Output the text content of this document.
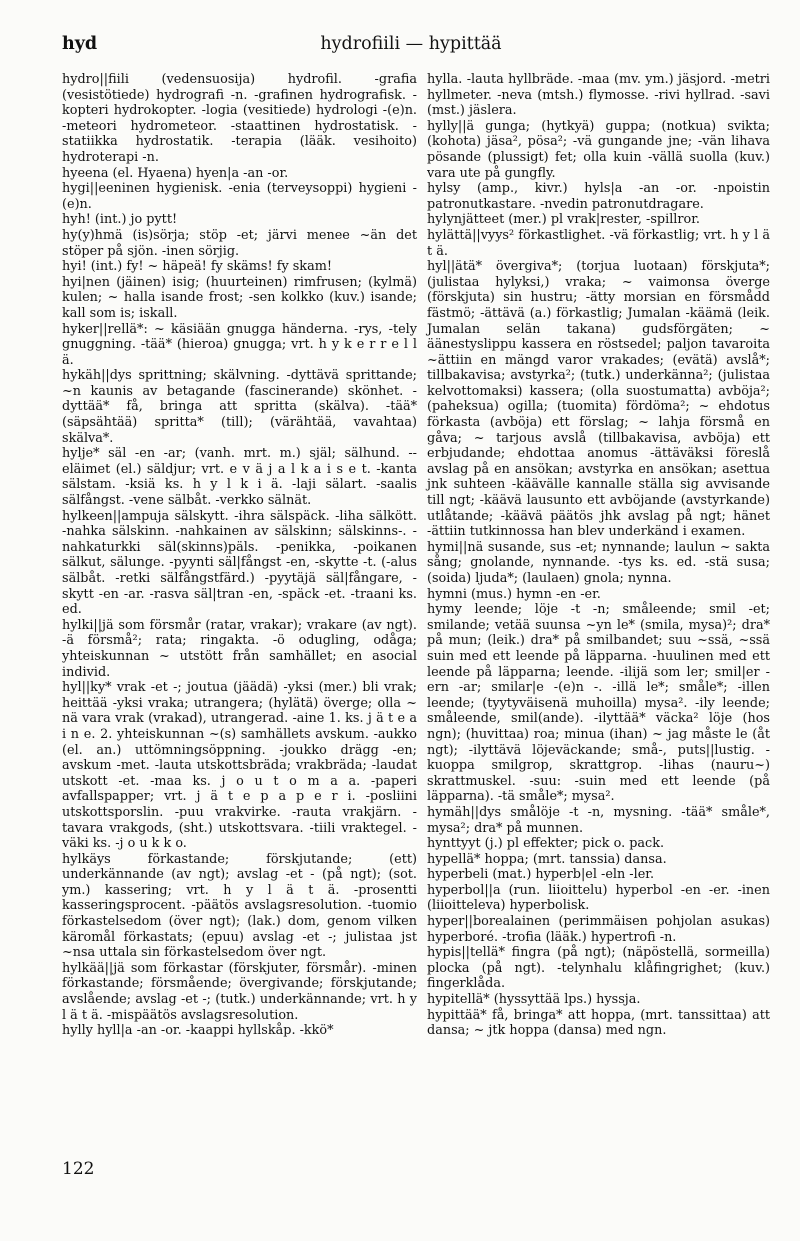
hyd	hydrofiili — hypittää

hydro||fiili (vedensuosija) hydrofil. -grafia (vesistötiede) hydrografi -n. -grafinen hydrografisk. -kopteri hydrokopter. -logia (vesitiede) hydrologi -(e)n. -meteori hydrometeor. -staattinen hydrostatisk. -statiikka hydrostatik. -terapia (lääk. vesihoito) hydroterapi -n.

hyeena (el. Hyaena) hyen|a -an -or.

hygi||eeninen hygienisk. -enia (terveysoppi) hygieni -(e)n.

hyh! (int.) jo pytt!

hy(y)hmä (is)sörja; stöp -et; järvi menee ~än det stöper på sjön. -inen sörjig.

hyi! (int.) fy! ~ häpeä! fy skäms! fy skam!

hyi|nen (jäinen) isig; (huurteinen) rimfrusen; (kylmä) kulen; ~ halla isande frost; -sen kolkko (kuv.) isande; kall som is; iskall.

hyker||rellä*: ~ käsiään gnugga händerna. -rys, -tely gnuggning. -tää* (hieroa) gnugga; vrt. h y k e r r e l l ä.

hykäh||dys sprittning; skälvning. -dyttävä sprittande; ~n kaunis av betagande (fascinerande) skönhet. -dyttää* få, bringa att spritta (skälva). -tää* (säpsähtää) spritta* (till); (värähtää, vavahtaa) skälva*.

hylje* säl -en -ar; (vanh. mrt. m.) själ; sälhund. --eläimet (el.) säldjur; vrt. e v ä j a l k a i s e t. -kanta sälstam. -ksiä ks. h y l k i ä. -laji sälart. -saalis sälfångst. -vene sälbåt. -verkko sälnät.

hylkeen||ampuja sälskytt. -ihra sälspäck. -liha sälkött. -nahka sälskinn. -nahkainen av sälskinn; sälskinns-. -nahkaturkki säl(skinns)päls. -penikka, -poikanen sälkut, sälunge. -pyynti säl|fångst -en, -skytte -t. (-alus sälbåt. -retki sälfångstfärd.) -pyytäjä säl|fångare, -skytt -en -ar. -rasva säl|tran -en, -späck -et. -traani ks. ed.

hylki||jä som försmår (ratar, vrakar); vrakare (av ngt). -ä försmå²; rata; ringakta. -ö odugling, odåga; yhteiskunnan ~ utstött från samhället; en asocial individ.

hyl||ky* vrak -et -; joutua (jäädä) -yksi (mer.) bli vrak; heittää -yksi vraka; utrangera; (hylätä) överge; olla ~ nä vara vrak (vrakad), utrangerad. -aine 1. ks. j ä t e a i n e. 2. yhteiskunnan ~(s) samhällets avskum. -aukko (el. an.) uttömningsöppning. -joukko drägg -en; avskum -met. -lauta utskottsbräda; vrakbräda; -laudat utskott -et. -maa ks. j o u t o m a a. -paperi avfallspapper; vrt. j ä t e p a p e r i. -posliini utskottsporslin. -puu vrakvirke. -rauta vrakjärn. -tavara vrakgods, (sht.) utskottsvara. -tiili vraktegel. -väki ks. -j o u k k o.

hylkäys förkastande; förskjutande; (ett) underkännande (av ngt); avslag -et - (på ngt); (sot. ym.) kassering; vrt. h y l ä t ä. -prosentti kasseringsprocent. -päätös avslagsresolution. -tuomio förkastelsedom (över ngt); (lak.) dom, genom vilken käromål förkastats; (epuu) avslag -et -; julistaa jst ~nsa uttala sin förkastelsedom över ngt.

hylkää||jä som förkastar (förskjuter, försmår). -minen förkastande; försmående; övergivande; förskjutande; avslående; avslag -et -; (tutk.) underkännande; vrt. h y l ä t ä. -mispäätös avslagsresolution.

hylly hyll|a -an -or. -kaappi hyllskåp. -kkö*

hylla. -lauta hyllbräde. -maa (mv. ym.) jäsjord. -metri hyllmeter. -neva (mtsh.) flymosse. -rivi hyllrad. -savi (mst.) jäslera.

hylly||ä gunga; (hytkyä) guppa; (notkua) svikta; (kohota) jäsa², pösa²; -vä gungande jne; -vän lihava pösande (plussigt) fet; olla kuin -vällä suolla (kuv.) vara ute på gungfly.

hylsy (amp., kivr.) hyls|a -an -or. -npoistin patronutkastare. -nvedin patronutdragare.

hylynjätteet (mer.) pl vrak|rester, -spillror.

hylättä||vyys² förkastlighet. -vä förkastlig; vrt. h y l ä t ä.

hyl||ätä* övergiva*; (torjua luotaan) förskjuta*; (julistaa hylyksi,) vraka; ~ vaimonsa överge (förskjuta) sin hustru; -ätty morsian en försmådd fästmö; -ättävä (a.) förkastlig; Jumalan -käämä (leik. Jumalan selän takana) gudsförgäten; ~ äänestyslippu kassera en röstsedel; paljon tavaroita ~ättiin en mängd varor vrakades; (evätä) avslå*; tillbakavisa; avstyrka²; (tutk.) underkänna²; (julistaa kelvottomaksi) kassera; (olla suostumatta) avböja²; (paheksua) ogilla; (tuomita) fördöma²; ~ ehdotus förkasta (avböja) ett förslag; ~ lahja försmå en gåva; ~ tarjous avslå (tillbakavisa, avböja) ett erbjudande; ehdottaa anomus -ättäväksi föreslå avslag på en ansökan; avstyrka en ansökan; asettua jnk suhteen -käävälle kannalle ställa sig avvisande till ngt; -käävä lausunto ett avböjande (avstyrkande) utlåtande; -käävä päätös jhk avslag på ngt; hänet -ättiin tutkinnossa han blev underkänd i examen.

hymi||nä susande, sus -et; nynnande; laulun ~ sakta sång; gnolande, nynnande. -tys ks. ed. -stä susa; (soida) ljuda*; (laulaen) gnola; nynna.

hymni (mus.) hymn -en -er.

hymy leende; löje -t -n; småleende; smil -et; smilande; vetää suunsa ~yn le* (smila, mysa)²; dra* på mun; (leik.) dra* på smilbandet; suu ~ssä, ~ssä suin med ett leende på läpparna. -huulinen med ett leende på läpparna; leende. -ilijä som ler; smil|er -ern -ar; smilar|e -(e)n -. -illä le*; småle*; -illen leende; (tyytyväisenä muhoilla) mysa². -ily leende; småleende, smil(ande). -ilyttää* väcka² löje (hos ngn); (huvittaa) roa; minua (ihan) ~ jag måste le (åt ngt); -ilyttävä löjeväckande; små-, puts||lustig. -kuoppa smilgrop, skrattgrop. -lihas (nauru~) skrattmuskel. -suu: -suin med ett leende (på läpparna). -tä småle*; mysa².

hymäh||dys smålöje -t -n, mysning. -tää* småle*, mysa²; dra* på munnen.

hynttyyt (j.) pl effekter; pick o. pack.

hypellä* hoppa; (mrt. tanssia) dansa.

hyperbeli (mat.) hyperb|el -eln -ler.

hyperbol||a (run. liioittelu) hyperbol -en -er. -inen (liioitteleva) hyperbolisk.

hyper||borealainen (perimmäisen pohjolan asukas) hyperboré. -trofia (lääk.) hypertrofi -n.

hypis||tellä* fingra (på ngt); (näpöstellä, sormeilla) plocka (på ngt). -telynhalu klåfingrighet; (kuv.) fingerklåda.

hypitellä* (hyssyttää lps.) hyssja.

hypittää* få, bringa* att hoppa, (mrt. tanssittaa) att dansa; ~ jtk hoppa (dansa) med ngn.

122
